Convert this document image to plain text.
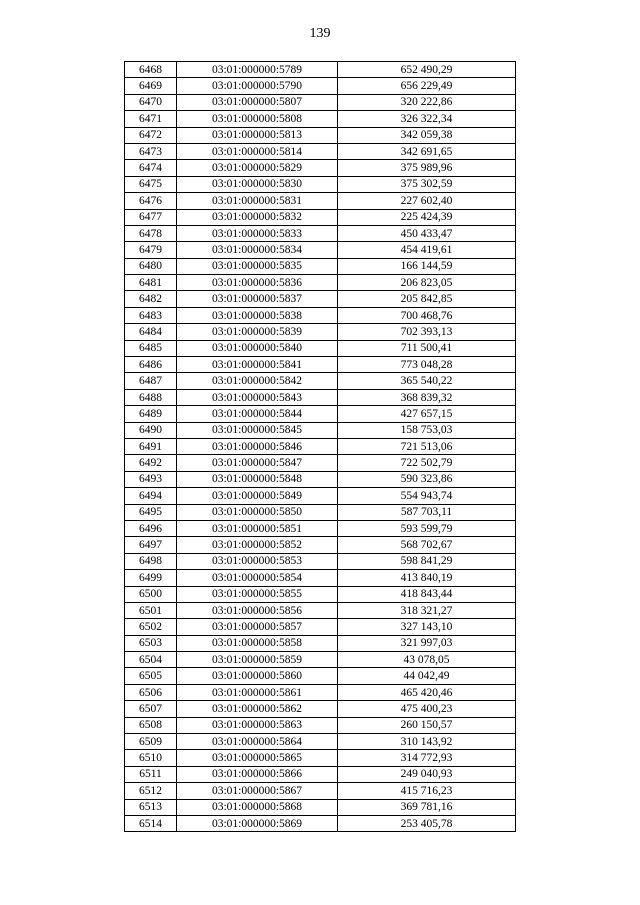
139
6468	03:01:000000:5789	652 490,29
6469	03:01:000000:5790	656 229,49
6470	03:01:000000:5807	320 222,86
6471	03:01:000000:5808	326 322,34
6472	03:01:000000:5813	342 059,38
6473	03:01:000000:5814	342 691,65
6474	03:01:000000:5829	375 989,96
6475	03:01:000000:5830	375 302,59
6476	03:01:000000:5831	227 602,40
6477	03:01:000000:5832	225 424,39
6478	03:01:000000:5833	450 433,47
6479	03:01:000000:5834	454 419,61
6480	03:01:000000:5835	166 144,59
6481	03:01:000000:5836	206 823,05
6482	03:01:000000:5837	205 842,85
6483	03:01:000000:5838	700 468,76
6484	03:01:000000:5839	702 393,13
6485	03:01:000000:5840	711 500,41
6486	03:01:000000:5841	773 048,28
6487	03:01:000000:5842	365 540,22
6488	03:01:000000:5843	368 839,32
6489	03:01:000000:5844	427 657,15
6490	03:01:000000:5845	158 753,03
6491	03:01:000000:5846	721 513,06
6492	03:01:000000:5847	722 502,79
6493	03:01:000000:5848	590 323,86
6494	03:01:000000:5849	554 943,74
6495	03:01:000000:5850	587 703,11
6496	03:01:000000:5851	593 599,79
6497	03:01:000000:5852	568 702,67
6498	03:01:000000:5853	598 841,29
6499	03:01:000000:5854	413 840,19
6500	03:01:000000:5855	418 843,44
6501	03:01:000000:5856	318 321,27
6502	03:01:000000:5857	327 143,10
6503	03:01:000000:5858	321 997,03
6504	03:01:000000:5859	43 078,05
6505	03:01:000000:5860	44 042,49
6506	03:01:000000:5861	465 420,46
6507	03:01:000000:5862	475 400,23
6508	03:01:000000:5863	260 150,57
6509	03:01:000000:5864	310 143,92
6510	03:01:000000:5865	314 772,93
6511	03:01:000000:5866	249 040,93
6512	03:01:000000:5867	415 716,23
6513	03:01:000000:5868	369 781,16
6514	03:01:000000:5869	253 405,78
